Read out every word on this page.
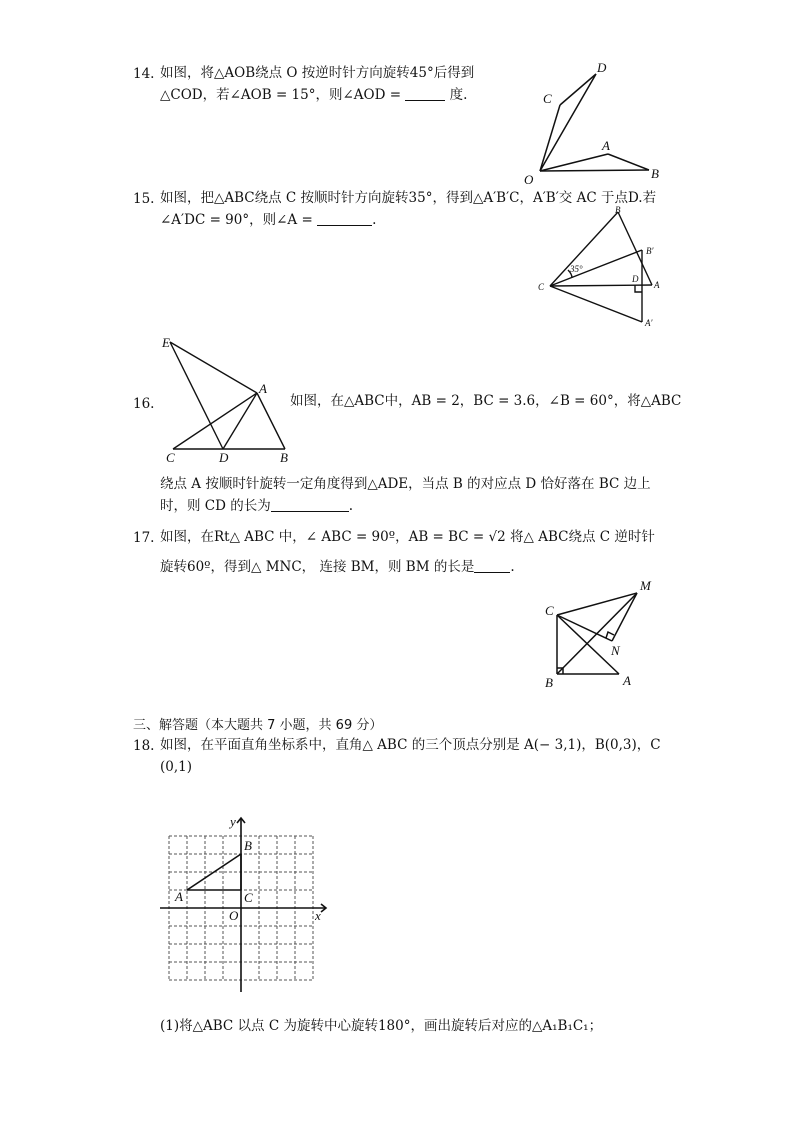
14. 如图，将△AOB绕点 O 按逆时针方向旋转45°后得到
△COD，若∠AOB = 15°，则∠AOD =	度.
D
C
A
O	B
15. 如图，把△ABC绕点 C 按顺时针方向旋转35°，得到△A′B′C，A′B′交 AC 于点D.若
∠A′DC = 90°，则∠A =	.
B
B′
35°
C
D
A
A′
E
A
C	D	B
16.	如图，在△ABC中，AB = 2，BC = 3.6，∠B = 60°，将△ABC
绕点 A 按顺时针旋转一定角度得到△ADE，当点 B 的对应点 D 恰好落在 BC 边上
时，则 CD 的长为	.
17. 如图，在Rt△ ABC 中，∠ ABC = 90º，AB = BC = √2 将△ ABC绕点 C 逆时针
旋转60º，得到△ MNC， 连接 BM，则 BM 的长是	.
M
C
N
B	A
三、解答题（本大题共 7 小题，共 69 分）
18. 如图，在平面直角坐标系中，直角△ ABC 的三个顶点分别是 A(− 3,1)，B(0,3)，C
(0,1)
y
B
A	C
O	x
(1)将△ABC 以点 C 为旋转中心旋转180°，画出旋转后对应的△A₁B₁C₁；
